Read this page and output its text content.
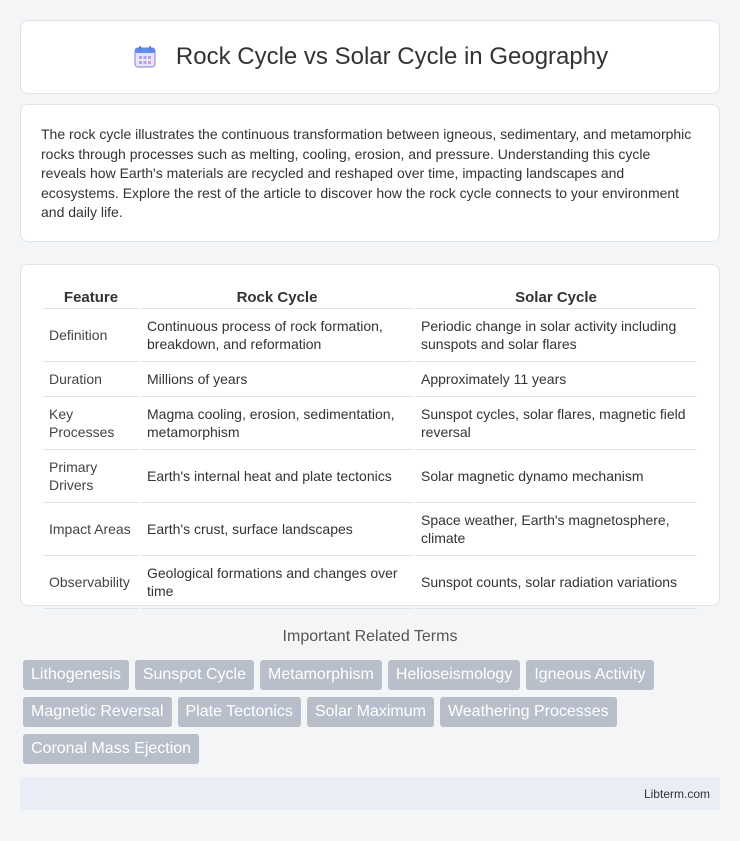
Rock Cycle vs Solar Cycle in Geography

The rock cycle illustrates the continuous transformation between igneous, sedimentary, and metamorphic rocks through processes such as melting, cooling, erosion, and pressure. Understanding this cycle reveals how Earth's materials are recycled and reshaped over time, impacting landscapes and ecosystems. Explore the rest of the article to discover how the rock cycle connects to your environment and daily life.

Feature	Rock Cycle	Solar Cycle
Definition	Continuous process of rock formation, breakdown, and reformation	Periodic change in solar activity including sunspots and solar flares
Duration	Millions of years	Approximately 11 years
Key Processes	Magma cooling, erosion, sedimentation, metamorphism	Sunspot cycles, solar flares, magnetic field reversal
Primary Drivers	Earth's internal heat and plate tectonics	Solar magnetic dynamo mechanism
Impact Areas	Earth's crust, surface landscapes	Space weather, Earth's magnetosphere, climate
Observability	Geological formations and changes over time	Sunspot counts, solar radiation variations
Important Related Terms
Lithogenesis	Sunspot Cycle	Metamorphism	Helioseismology	Igneous Activity
Magnetic Reversal	Plate Tectonics	Solar Maximum	Weathering Processes
Coronal Mass Ejection
Libterm.com
